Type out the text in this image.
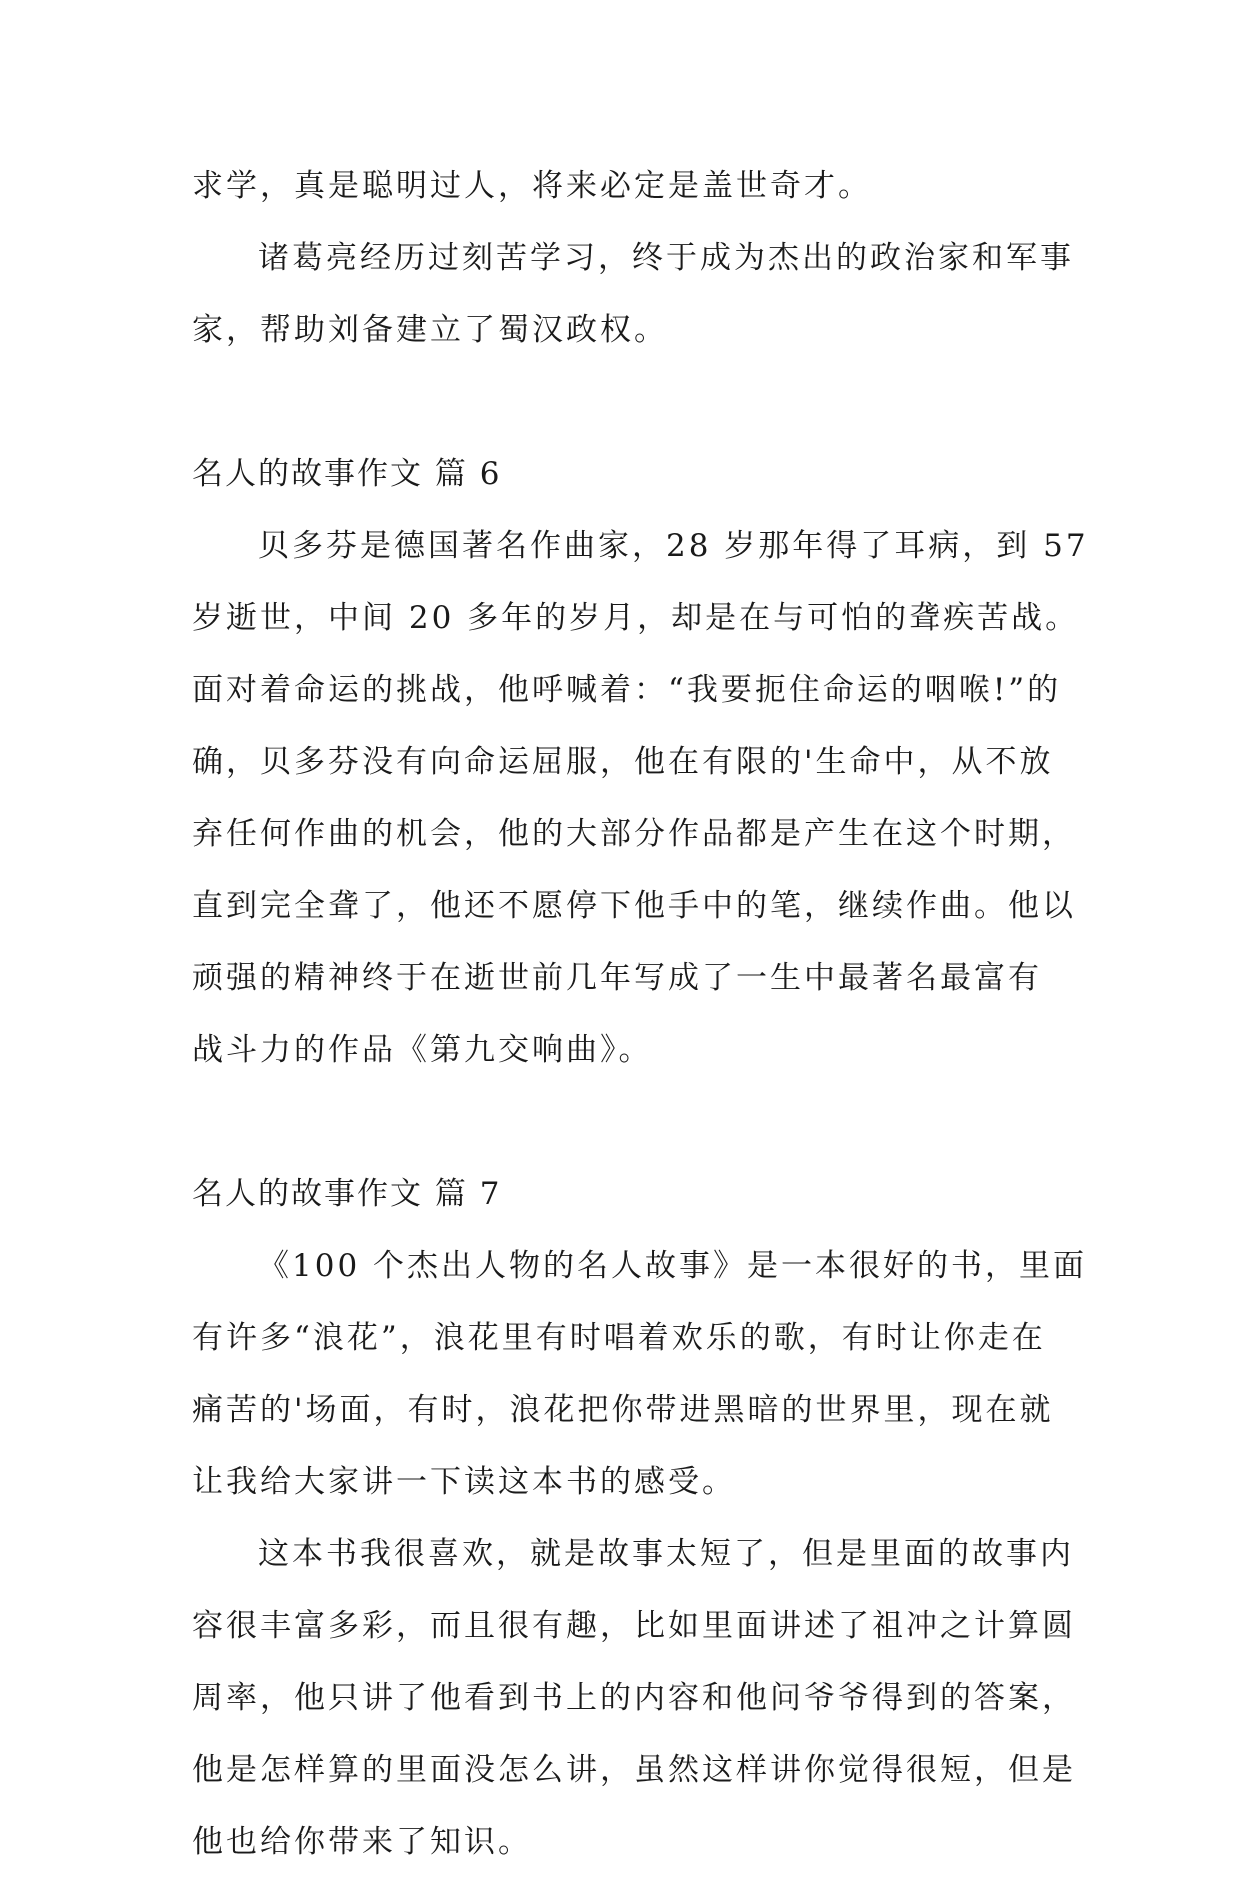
求学，真是聪明过人，将来必定是盖世奇才。
诸葛亮经历过刻苦学习，终于成为杰出的政治家和军事
家，帮助刘备建立了蜀汉政权。
名人的故事作文 篇 6
贝多芬是德国著名作曲家，28 岁那年得了耳病，到 57
岁逝世，中间 20 多年的岁月，却是在与可怕的聋疾苦战。
面对着命运的挑战，他呼喊着：“我要扼住命运的咽喉!”的
确，贝多芬没有向命运屈服，他在有限的'生命中，从不放
弃任何作曲的机会，他的大部分作品都是产生在这个时期，
直到完全聋了，他还不愿停下他手中的笔，继续作曲。他以
顽强的精神终于在逝世前几年写成了一生中最著名最富有
战斗力的作品《第九交响曲》。
名人的故事作文 篇 7
《100 个杰出人物的名人故事》是一本很好的书，里面
有许多“浪花”，浪花里有时唱着欢乐的歌，有时让你走在
痛苦的'场面，有时，浪花把你带进黑暗的世界里，现在就
让我给大家讲一下读这本书的感受。
这本书我很喜欢，就是故事太短了，但是里面的故事内
容很丰富多彩，而且很有趣，比如里面讲述了祖冲之计算圆
周率，他只讲了他看到书上的内容和他问爷爷得到的答案，
他是怎样算的里面没怎么讲，虽然这样讲你觉得很短，但是
他也给你带来了知识。
